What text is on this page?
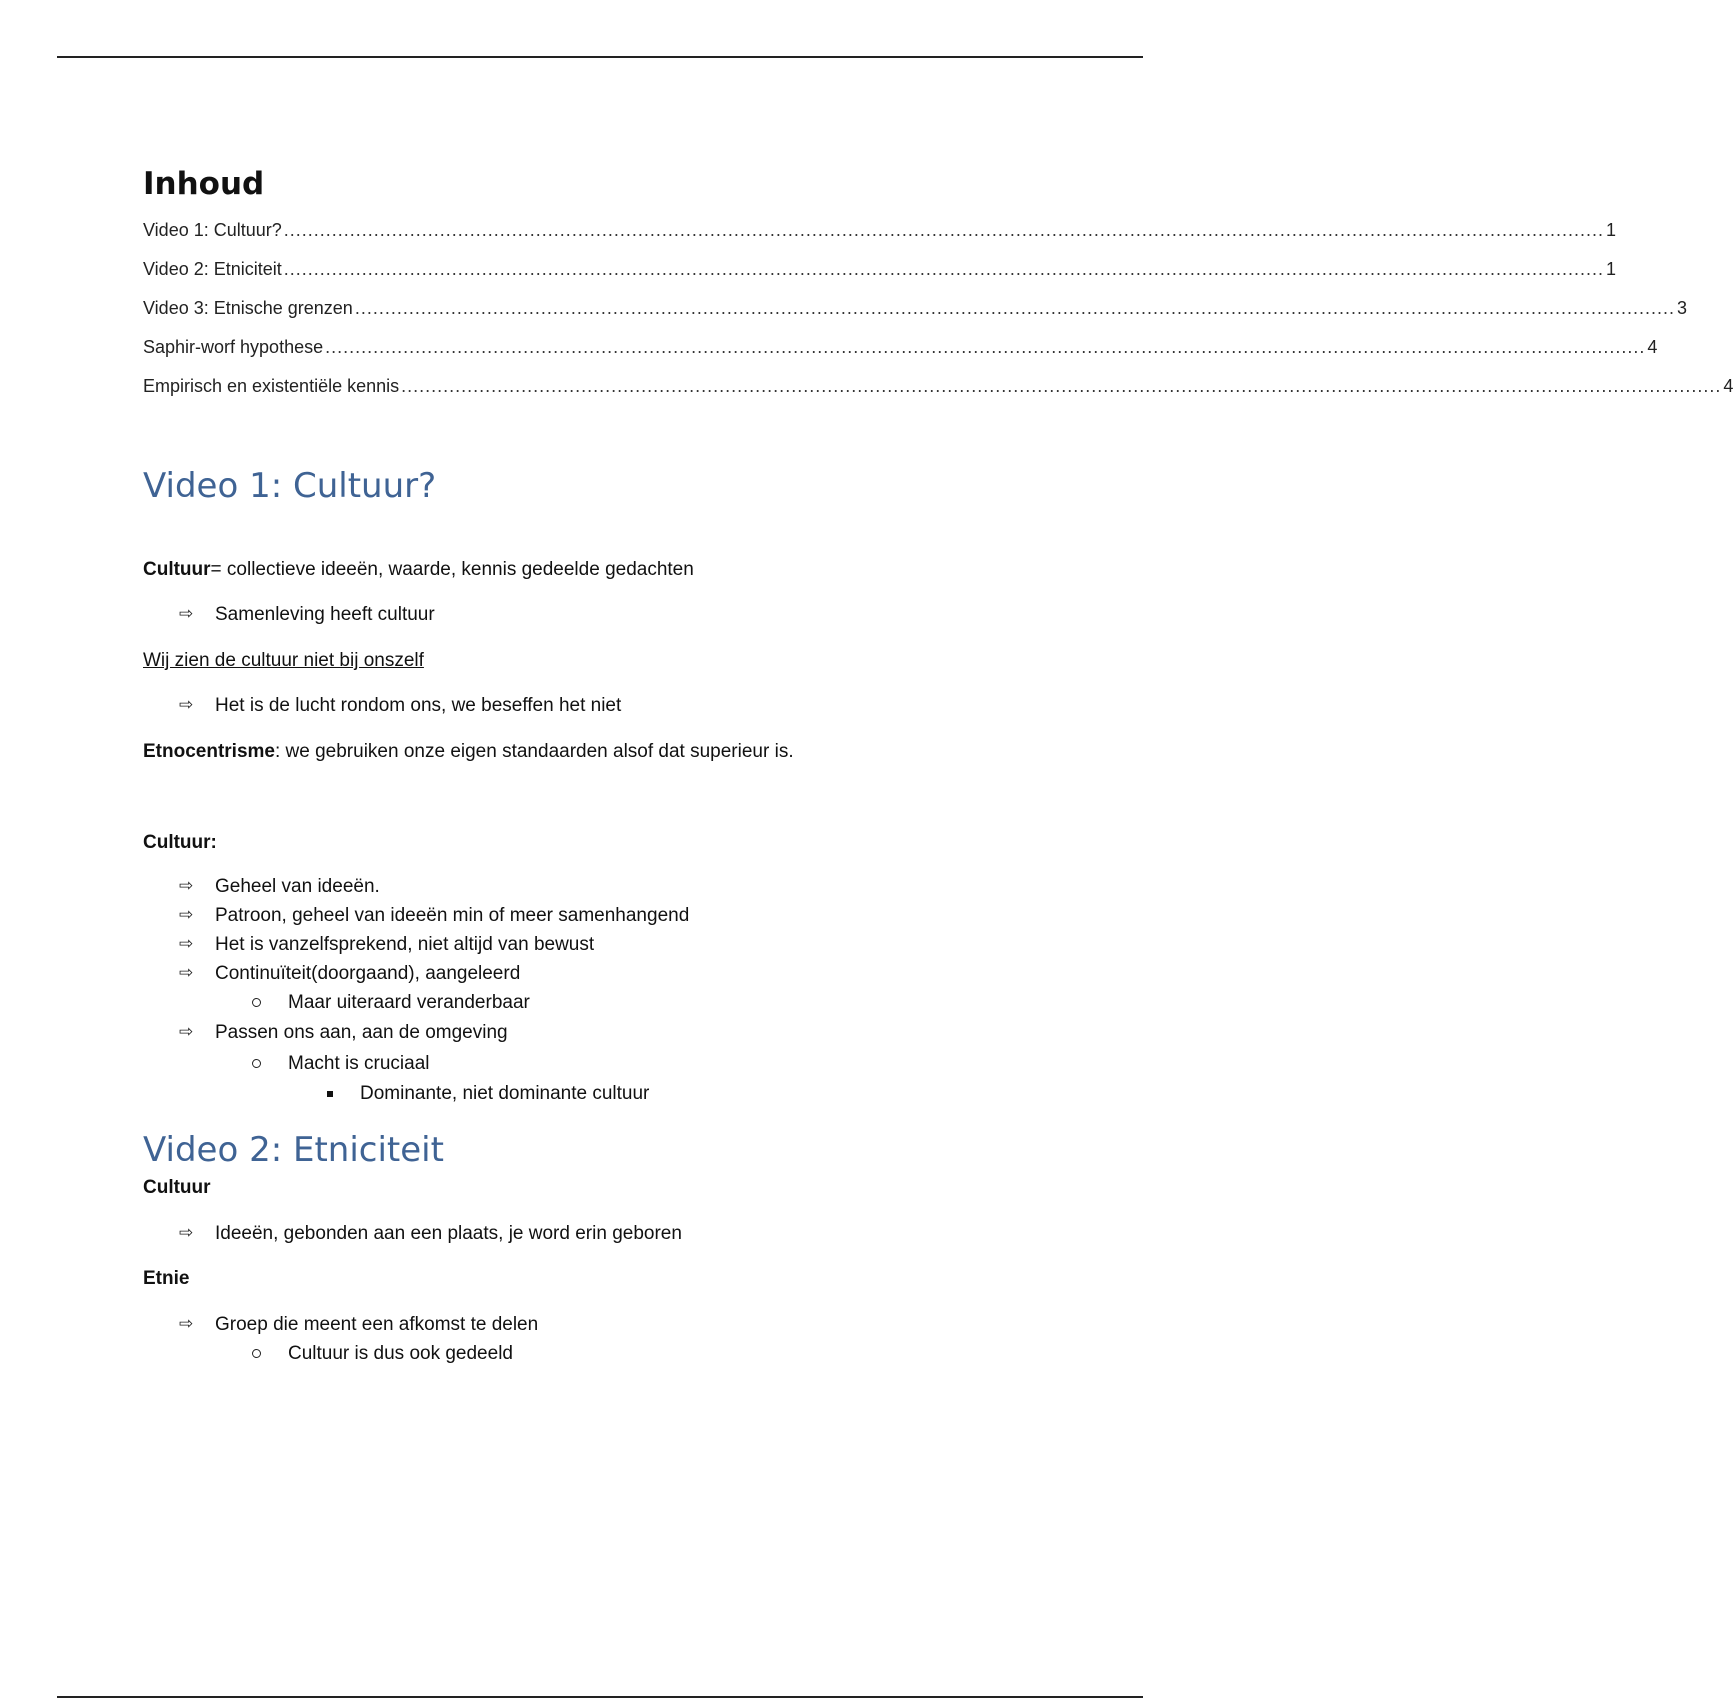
Inhoud
Video 1: Cultuur? ............................................................................................................................................................................................................................ 1
Video 2: Etniciteit ............................................................................................................................................................................................................................ 1
Video 3: Etnische grenzen ............................................................................................................................................................................................................................ 3
Saphir-worf hypothese ............................................................................................................................................................................................................................ 4
Empirisch en existentiële kennis ............................................................................................................................................................................................................................ 4
Video 1: Cultuur?
Cultuur= collectieve ideeën, waarde, kennis gedeelde gedachten
⇨ Samenleving heeft cultuur
Wij zien de cultuur niet bij onszelf
⇨ Het is de lucht rondom ons, we beseffen het niet
Etnocentrisme: we gebruiken onze eigen standaarden alsof dat superieur is.
Cultuur:
⇨ Geheel van ideeën.
⇨ Patroon, geheel van ideeën min of meer samenhangend
⇨ Het is vanzelfsprekend, niet altijd van bewust
⇨ Continuïteit(doorgaand), aangeleerd
Maar uiteraard veranderbaar
⇨ Passen ons aan, aan de omgeving
Macht is cruciaal
Dominante, niet dominante cultuur
Video 2: Etniciteit
Cultuur
⇨ Ideeën, gebonden aan een plaats, je word erin geboren
Etnie
⇨ Groep die meent een afkomst te delen
Cultuur is dus ook gedeeld
